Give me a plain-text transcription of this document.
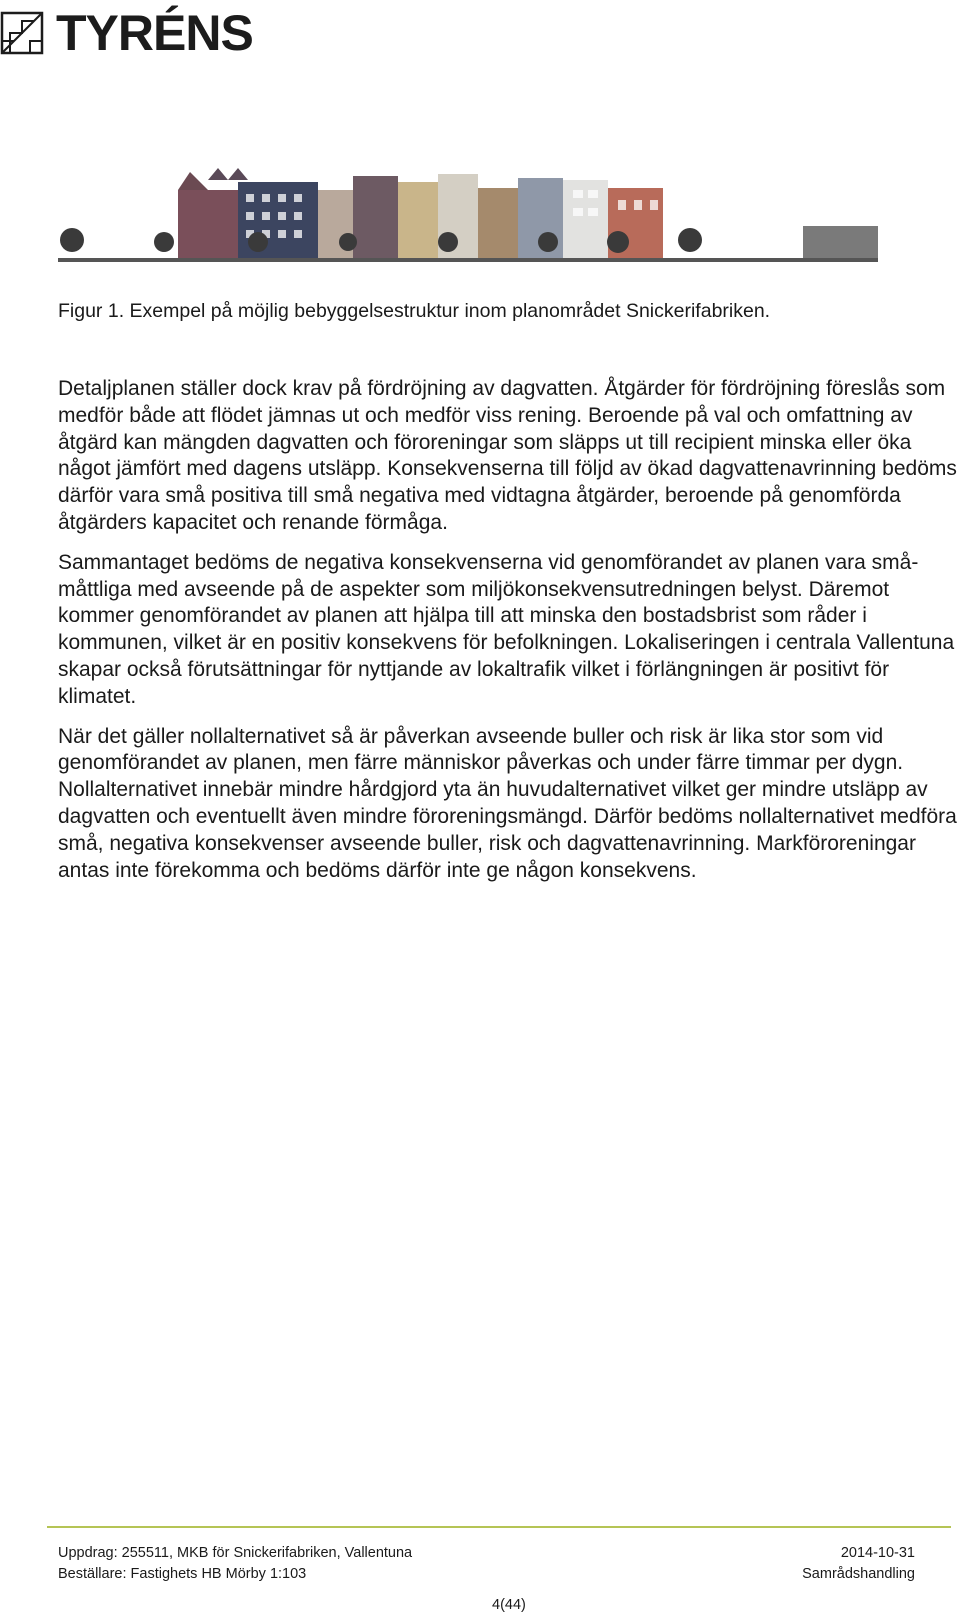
TYRÉNS
Figur 1. Exempel på möjlig bebyggelsestruktur inom planområdet Snickerifabriken.

Detaljplanen ställer dock krav på fördröjning av dagvatten. Åtgärder för fördröjning föreslås som medför både att flödet jämnas ut och medför viss rening. Beroende på val och omfattning av åtgärd kan mängden dagvatten och föroreningar som släpps ut till recipient minska eller öka något jämfört med dagens utsläpp. Konsekvenserna till följd av ökad dagvattenavrinning bedöms därför vara små positiva till små negativa med vidtagna åtgärder, beroende på genomförda åtgärders kapacitet och renande förmåga.

Sammantaget bedöms de negativa konsekvenserna vid genomförandet av planen vara små-måttliga med avseende på de aspekter som miljökonsekvensutredningen belyst. Däremot kommer genomförandet av planen att hjälpa till att minska den bostadsbrist som råder i kommunen, vilket är en positiv konsekvens för befolkningen. Lokaliseringen i centrala Vallentuna skapar också förutsättningar för nyttjande av lokaltrafik vilket i förlängningen är positivt för klimatet.

När det gäller nollalternativet så är påverkan avseende buller och risk är lika stor som vid genomförandet av planen, men färre människor påverkas och under färre timmar per dygn. Nollalternativet innebär mindre hårdgjord yta än huvudalternativet vilket ger mindre utsläpp av dagvatten och eventuellt även mindre föroreningsmängd. Därför bedöms nollalternativet medföra små, negativa konsekvenser avseende buller, risk och dagvattenavrinning. Markföroreningar antas inte förekomma och bedöms därför inte ge någon konsekvens.

Uppdrag: 255511, MKB för Snickerifabriken, Vallentuna
Beställare: Fastighets HB Mörby 1:103
2014-10-31
Samrådshandling
4(44)
